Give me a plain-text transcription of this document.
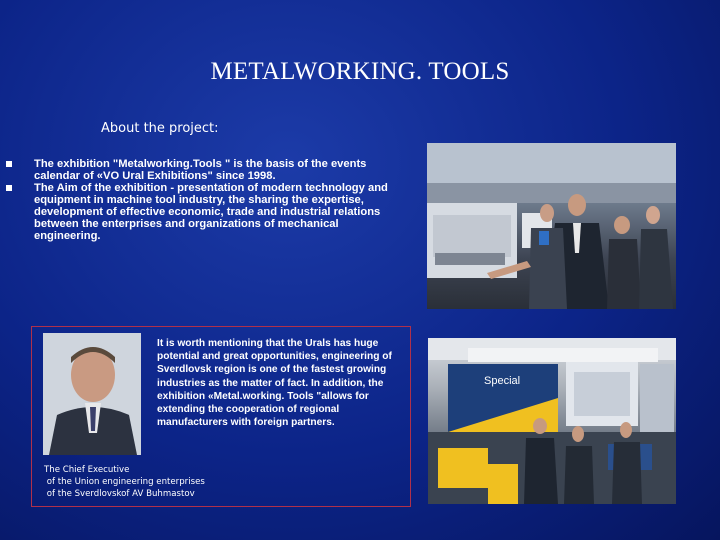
METALWORKING. TOOLS
About the project:
The exhibition "Metalworking.Tools " is the basis of the events calendar of «VO Ural Exhibitions" since 1998.
The Aim of the exhibition - presentation of modern technology and equipment in machine tool industry, the sharing the expertise, development of effective economic, trade and industrial relations between the enterprises and organizations of mechanical engineering.
Special
It is worth mentioning that the Urals has huge potential and great opportunities, engineering of Sverdlovsk region is one of the fastest growing industries as the matter of fact. In addition, the exhibition «Metal.working. Tools "allows for extending the cooperation of regional manufacturers with foreign partners.
The Chief Executive
of the Union engineering enterprises
of the Sverdlovskof AV Buhmastov
